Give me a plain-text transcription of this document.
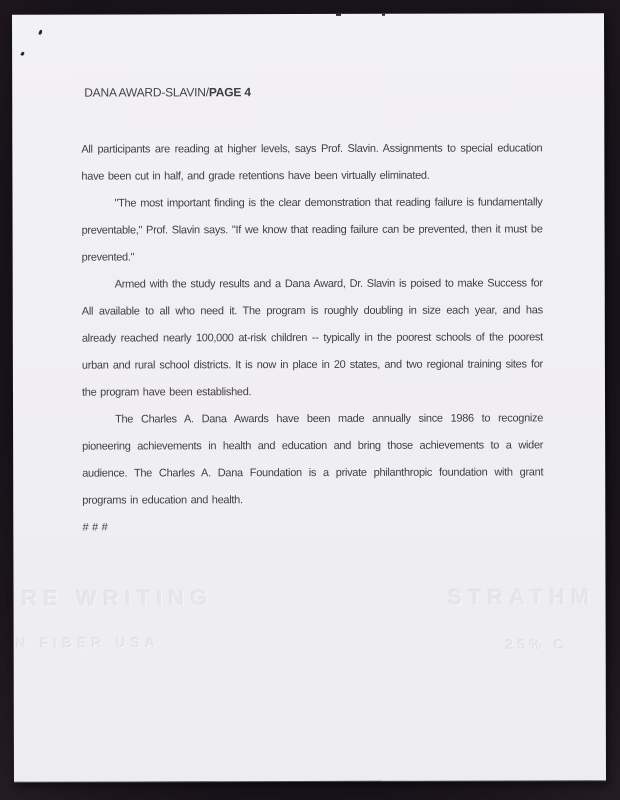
DANA AWARD-SLAVIN/PAGE 4

All participants are reading at higher levels, says Prof. Slavin. Assignments to special education have been cut in half, and grade retentions have been virtually eliminated.

"The most important finding is the clear demonstration that reading failure is fundamentally preventable," Prof. Slavin says. "If we know that reading failure can be prevented, then it must be prevented."

Armed with the study results and a Dana Award, Dr. Slavin is poised to make Success for All available to all who need it. The program is roughly doubling in size each year, and has already reached nearly 100,000 at-risk children -- typically in the poorest schools of the poorest urban and rural school districts. It is now in place in 20 states, and two regional training sites for the program have been established.

The Charles A. Dana Awards have been made annually since 1986 to recognize pioneering achievements in health and education and bring those achievements to a wider audience. The Charles A. Dana Foundation is a private philanthropic foundation with grant programs in education and health.

# # #

RE WRITING	STRATHM
N FIBER USA	25% C
